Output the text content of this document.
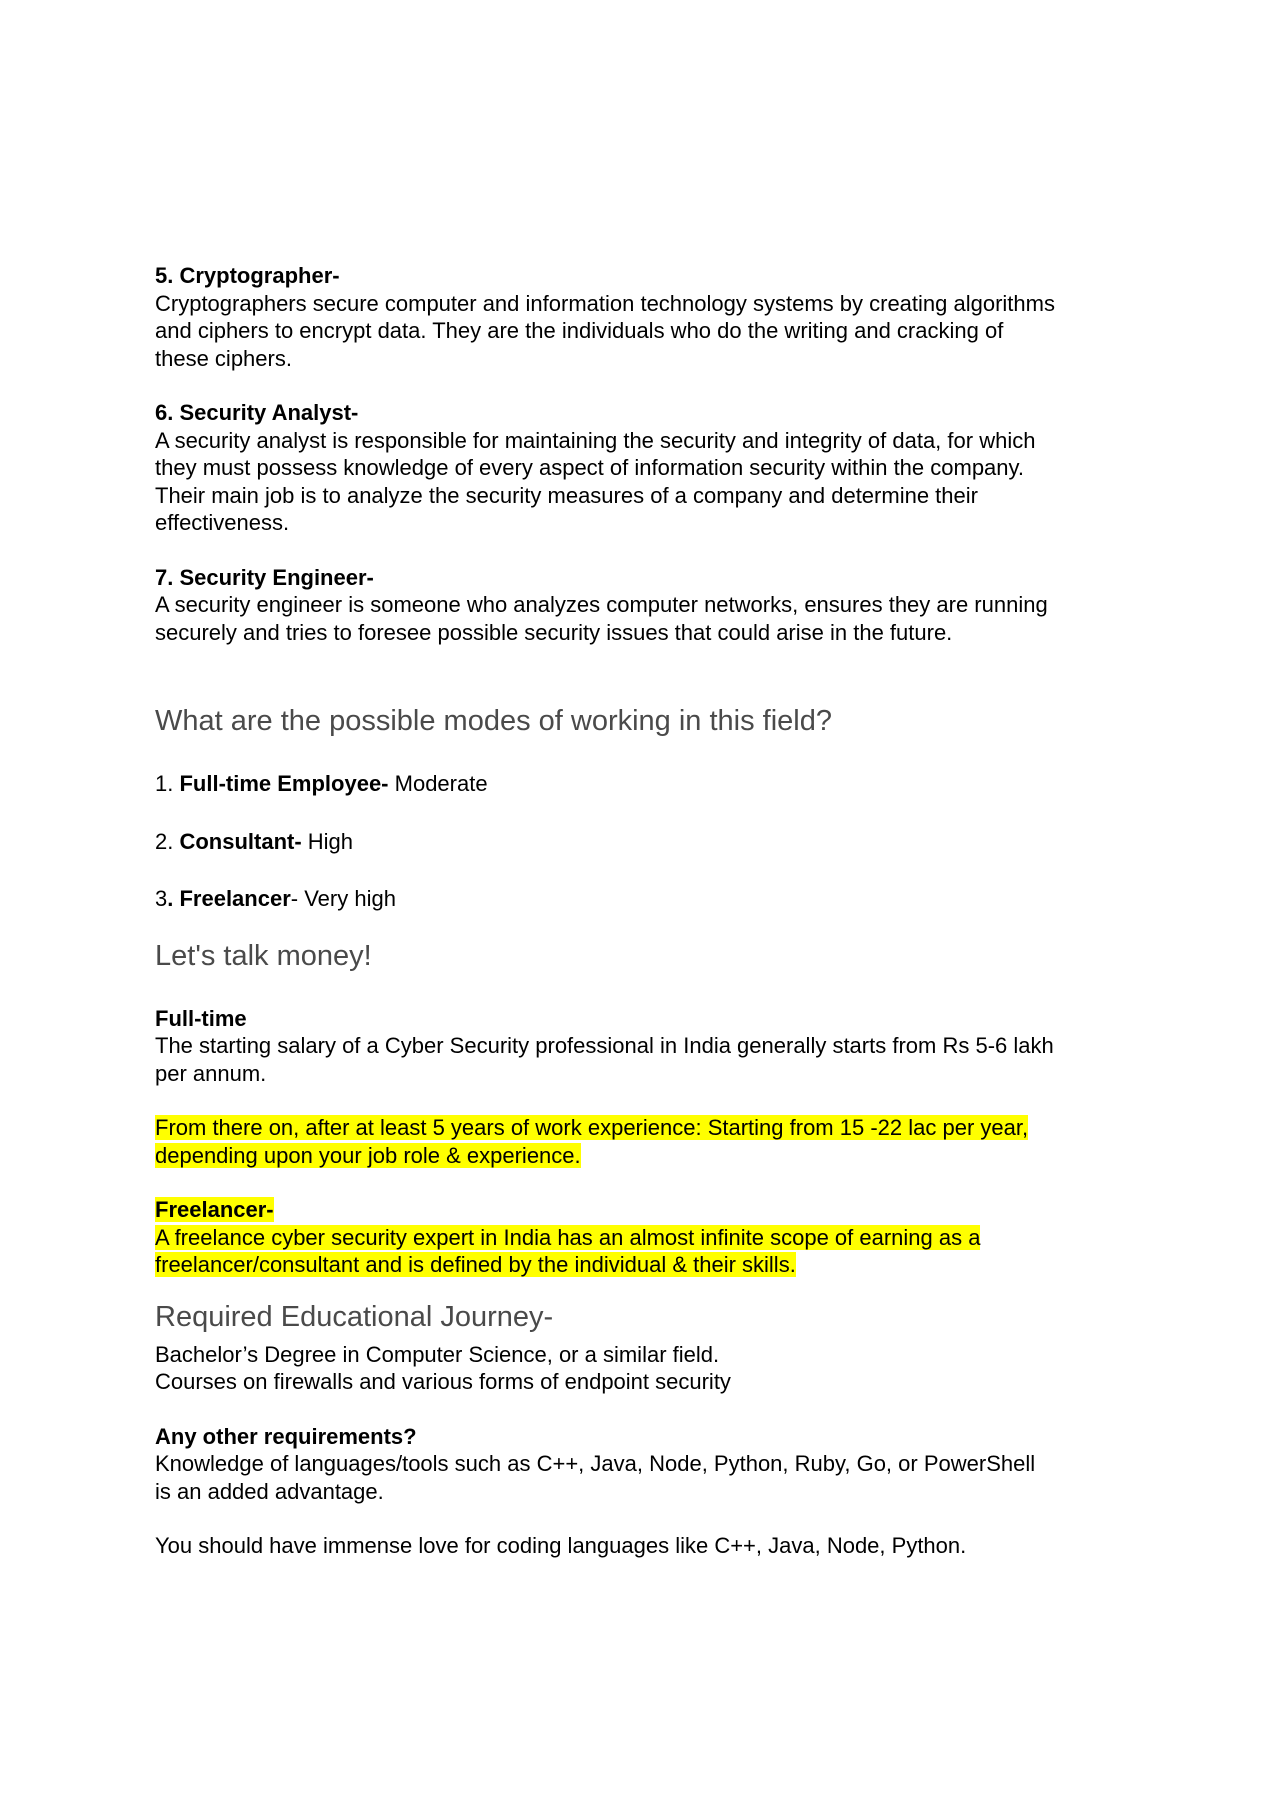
5. Cryptographer-

Cryptographers secure computer and information technology systems by creating algorithms

and ciphers to encrypt data. They are the individuals who do the writing and cracking of

these ciphers.

6. Security Analyst-

A security analyst is responsible for maintaining the security and integrity of data, for which

they must possess knowledge of every aspect of information security within the company.

Their main job is to analyze the security measures of a company and determine their

effectiveness.

7. Security Engineer-

A security engineer is someone who analyzes computer networks, ensures they are running

securely and tries to foresee possible security issues that could arise in the future.

What are the possible modes of working in this field?

1. Full-time Employee- Moderate

2. Consultant- High

3. Freelancer- Very high

Let's talk money!

Full-time

The starting salary of a Cyber Security professional in India generally starts from Rs 5-6 lakh

per annum.

From there on, after at least 5 years of work experience: Starting from 15 -22 lac per year,

depending upon your job role & experience.

Freelancer-

A freelance cyber security expert in India has an almost infinite scope of earning as a

freelancer/consultant and is defined by the individual & their skills.

Required Educational Journey-

Bachelor’s Degree in Computer Science, or a similar field.

Courses on firewalls and various forms of endpoint security

Any other requirements?

Knowledge of languages/tools such as C++, Java, Node, Python, Ruby, Go, or PowerShell

is an added advantage.

You should have immense love for coding languages like C++, Java, Node, Python.
